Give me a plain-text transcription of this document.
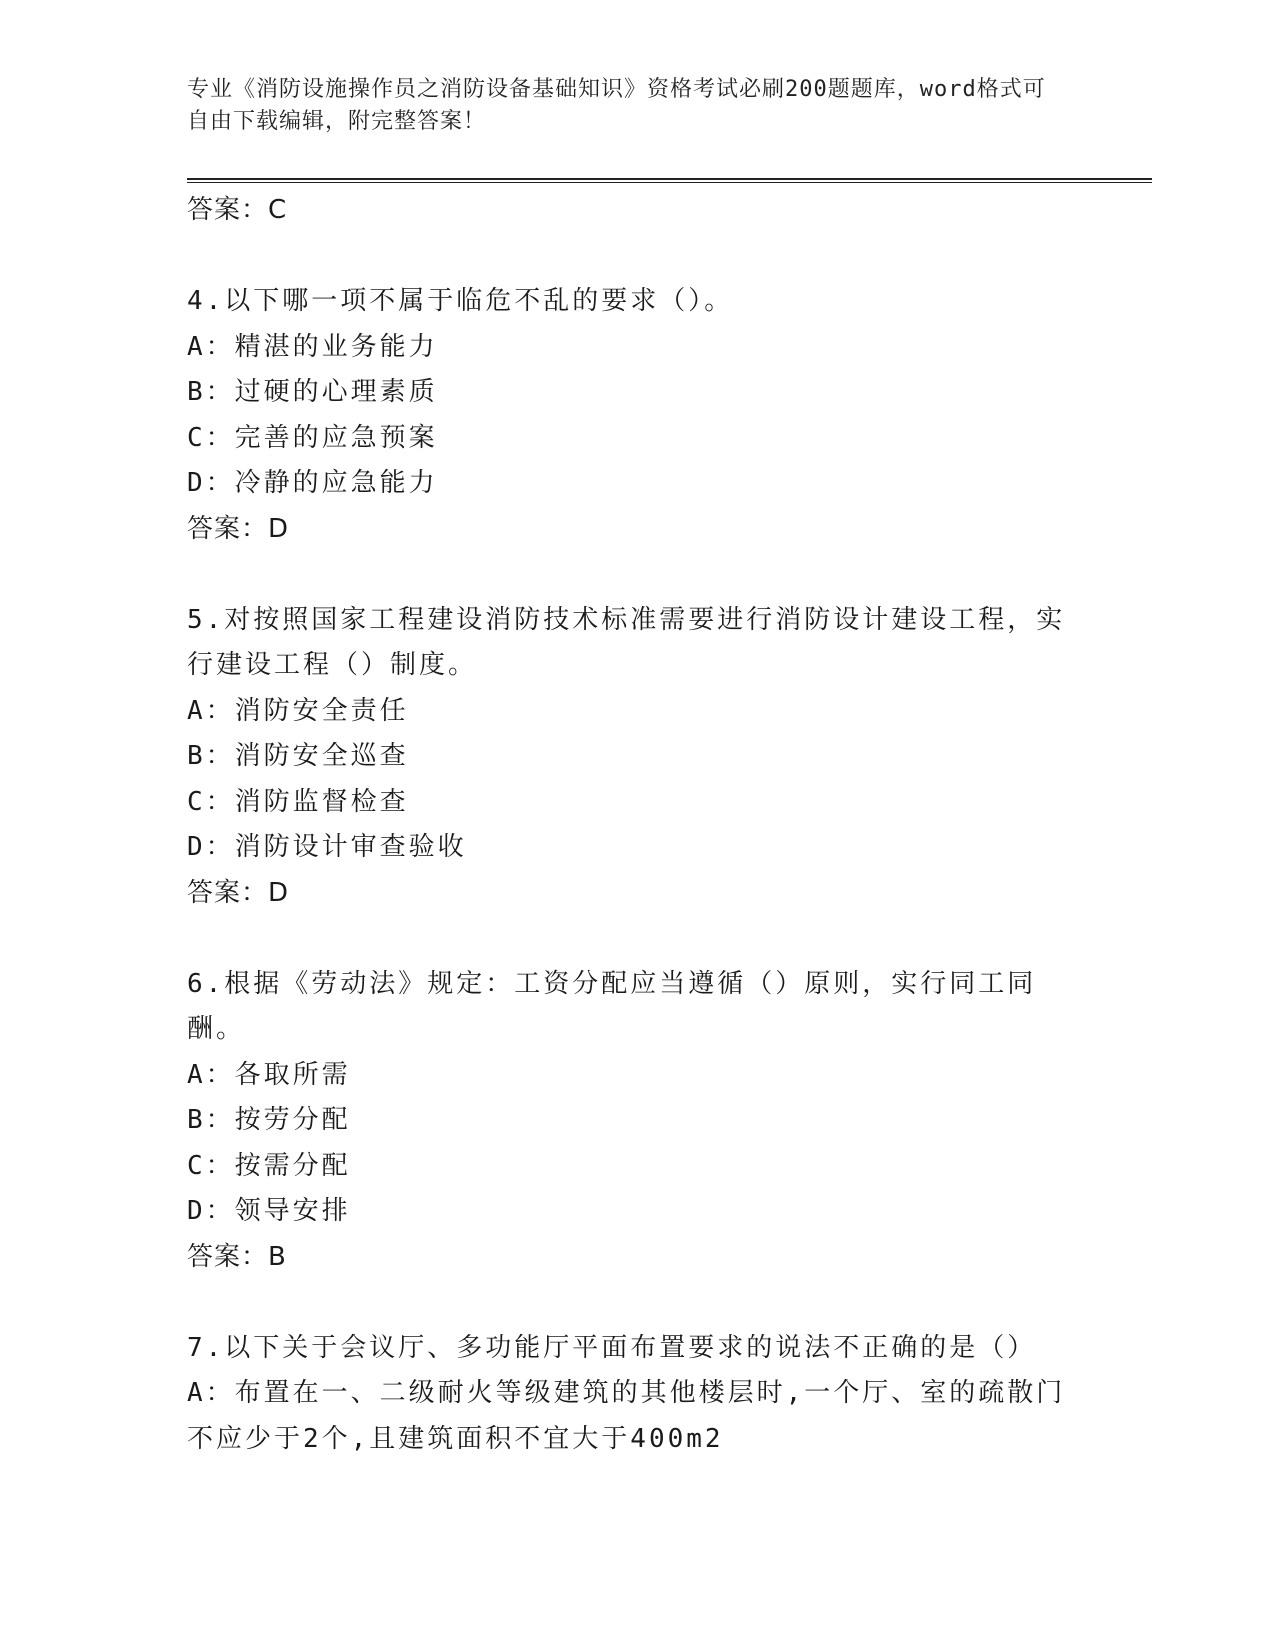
专业《消防设施操作员之消防设备基础知识》资格考试必刷200题题库，word格式可自由下载编辑，附完整答案！
答案：C
4.以下哪一项不属于临危不乱的要求（）。
A：精湛的业务能力
B：过硬的心理素质
C：完善的应急预案
D：冷静的应急能力
答案：D
5.对按照国家工程建设消防技术标准需要进行消防设计建设工程，实行建设工程（）制度。
A：消防安全责任
B：消防安全巡查
C：消防监督检查
D：消防设计审查验收
答案：D
6.根据《劳动法》规定：工资分配应当遵循（）原则，实行同工同酬。
A：各取所需
B：按劳分配
C：按需分配
D：领导安排
答案：B
7.以下关于会议厅、多功能厅平面布置要求的说法不正确的是（）
A：布置在一、二级耐火等级建筑的其他楼层时,一个厅、室的疏散门不应少于2个,且建筑面积不宜大于400m2
